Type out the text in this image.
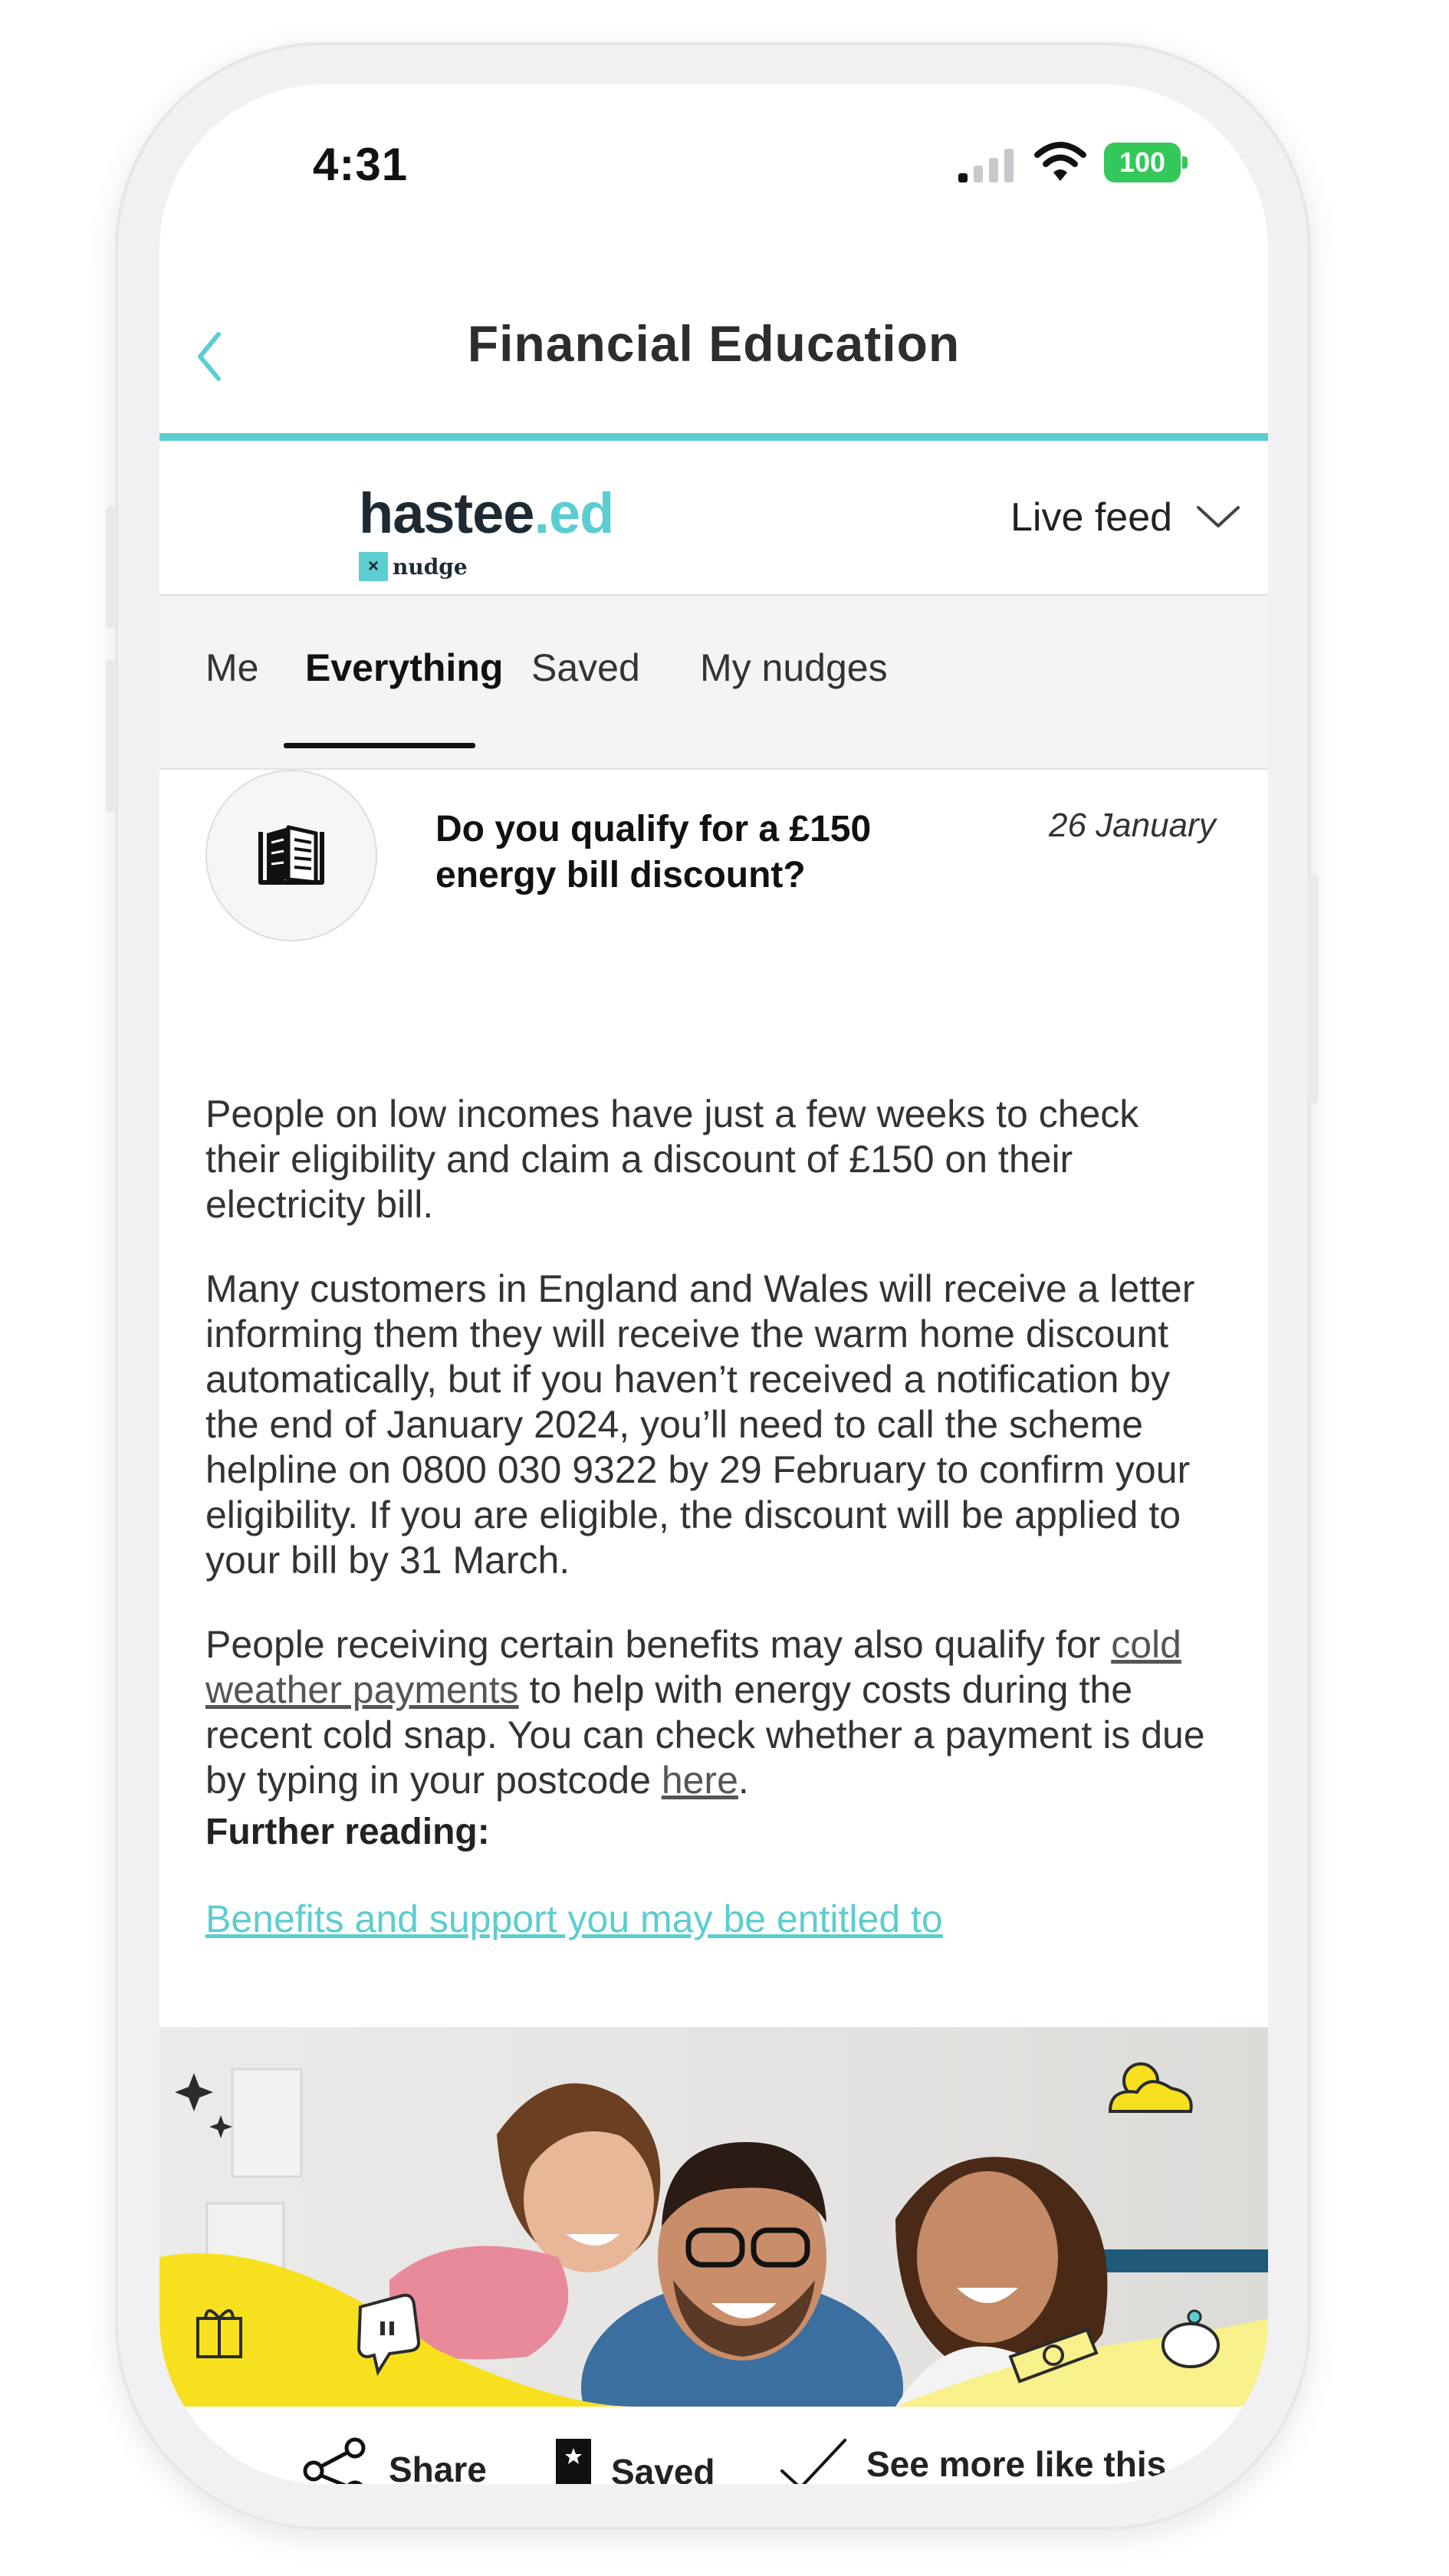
4:31	100
Financial Education
hastee.ed
× nudge
Live feed
Me Everything Saved My nudges
Do you qualify for a £150 energy bill discount?
26 January
People on low incomes have just a few weeks to check their eligibility and claim a discount of £150 on their electricity bill.
Many customers in England and Wales will receive a letter informing them they will receive the warm home discount automatically, but if you haven’t received a notification by the end of January 2024, you’ll need to call the scheme helpline on 0800 030 9322 by 29 February to confirm your eligibility. If you are eligible, the discount will be applied to your bill by 31 March.
People receiving certain benefits may also qualify for cold weather payments to help with energy costs during the recent cold snap. You can check whether a payment is due by typing in your postcode here.
Further reading:
Benefits and support you may be entitled to
Share	Saved	See more like this
